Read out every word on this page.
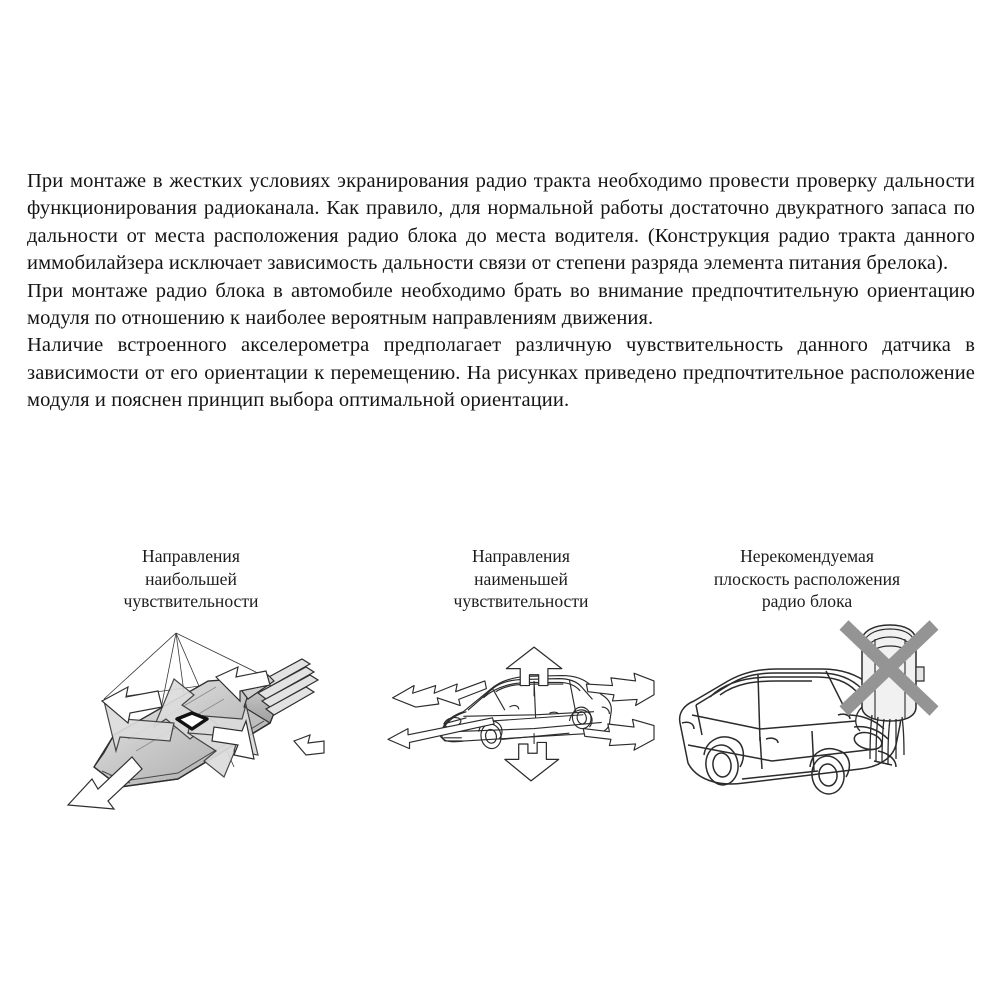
При монтаже в жестких условиях экранирования радио тракта необходимо провести проверку дальности функционирования радиоканала. Как правило, для нормальной работы достаточно двукратного запаса по дальности от места расположения радио блока до места водителя. (Конструкция радио тракта данного иммобилайзера исключает зависимость дальности связи от степени разряда элемента питания брелока).

При монтаже радио блока в автомобиле необходимо брать во внимание предпочтительную ориентацию модуля по отношению к наиболее вероятным направлениям движения.

Наличие встроенного акселерометра предполагает различную чувствительность данного датчика в зависимости от его ориентации к перемещению. На рисунках приведено предпочтительное расположение модуля и пояснен принцип выбора оптимальной ориентации.

Направления
наибольшей
чувствительности
Направления
наименьшей
чувствительности
Нерекомендуемая
плоскость расположения
радио блока
